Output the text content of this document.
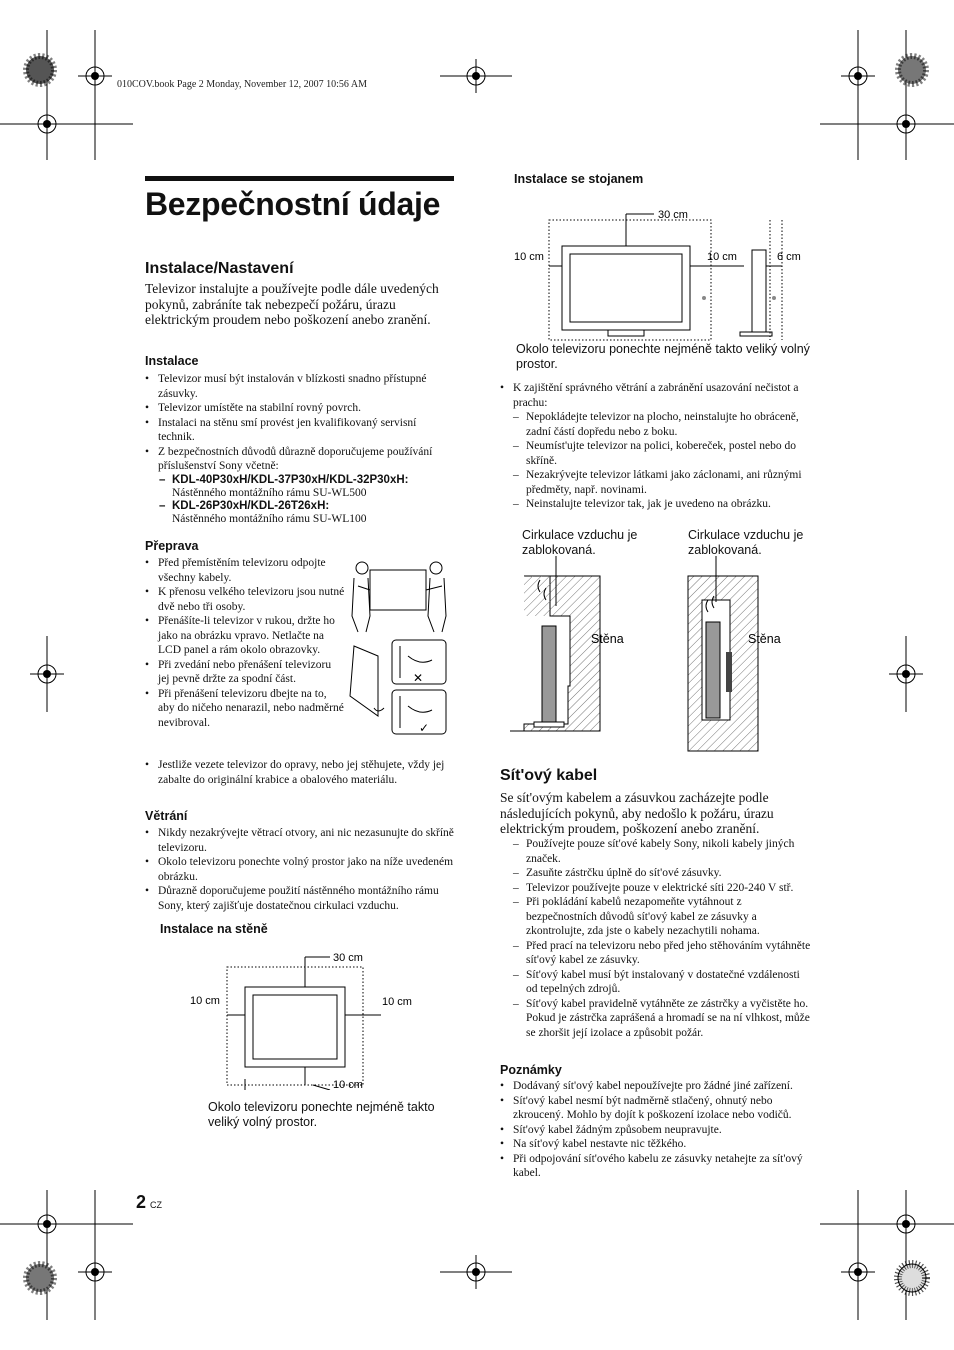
010COV.book Page 2 Monday, November 12, 2007 10:56 AM
Bezpečnostní údaje
Instalace/Nastavení
Televizor instalujte a používejte podle dále uvedených pokynů, zabráníte tak nebezpečí požáru, úrazu elektrickým proudem nebo poškození anebo zranění.
Instalace
• Televizor musí být instalován v blízkosti snadno přístupné zásuvky.
• Televizor umístěte na stabilní rovný povrch.
• Instalaci na stěnu smí provést jen kvalifikovaný servisní technik.
• Z bezpečnostních důvodů důrazně doporučujeme používání příslušenství Sony včetně:
– KDL-40P30xH/KDL-37P30xH/KDL-32P30xH:
Nástěnného montážního rámu SU-WL500
– KDL-26P30xH/KDL-26T26xH:
Nástěnného montážního rámu SU-WL100
Přeprava
• Před přemístěním televizoru odpojte všechny kabely.
• K přenosu velkého televizoru jsou nutné dvě nebo tři osoby.
• Přenášíte-li televizor v rukou, držte ho jako na obrázku vpravo. Netlačte na LCD panel a rám okolo obrazovky.
• Při zvedání nebo přenášení televizoru jej pevně držte za spodní část.
• Při přenášení televizoru dbejte na to, aby do ničeho nenarazil, nebo nadměrné nevibroval.
• Jestliže vezete televizor do opravy, nebo jej stěhujete, vždy jej zabalte do originální krabice a obalového materiálu.
✕
✓
Větrání
• Nikdy nezakrývejte větrací otvory, ani nic nezasunujte do skříně televizoru.
• Okolo televizoru ponechte volný prostor jako na níže uvedeném obrázku.
• Důrazně doporučujeme použití nástěnného montážního rámu Sony, který zajišťuje dostatečnou cirkulaci vzduchu.
Instalace na stěně
30 cm
10 cm	10 cm
10 cm
Okolo televizoru ponechte nejméně takto veliký volný prostor.
Instalace se stojanem
30 cm
10 cm	10 cm	6 cm
Okolo televizoru ponechte nejméně takto veliký volný prostor.
• K zajištění správného větrání a zabránění usazování nečistot a prachu:
– Nepokládejte televizor na plocho, neinstalujte ho obráceně, zadní částí dopředu nebo z boku.
– Neumíst'ujte televizor na polici, kobereček, postel nebo do skříně.
– Nezakrývejte televizor látkami jako záclonami, ani různými předměty, např. novinami.
– Neinstalujte televizor tak, jak je uvedeno na obrázku.
Cirkulace vzduchu je zablokovaná.
Cirkulace vzduchu je zablokovaná.
Stěna	Stěna
Sít'ový kabel
Se sít'ovým kabelem a zásuvkou zacházejte podle následujících pokynů, aby nedošlo k požáru, úrazu elektrickým proudem, poškození anebo zranění.
– Používejte pouze sít'ové kabely Sony, nikoli kabely jiných značek.
– Zasuňte zástrčku úplně do sít'ové zásuvky.
– Televizor používejte pouze v elektrické síti 220-240 V stř.
– Při pokládání kabelů nezapomeňte vytáhnout z bezpečnostních důvodů sít'ový kabel ze zásuvky a zkontrolujte, zda jste o kabely nezachytili nohama.
– Před prací na televizoru nebo před jeho stěhováním vytáhněte sít'ový kabel ze zásuvky.
– Sít'ový kabel musí být instalovaný v dostatečné vzdálenosti od tepelných zdrojů.
– Sít'ový kabel pravidelně vytáhněte ze zástrčky a vyčistěte ho. Pokud je zástrčka zaprášená a hromadí se na ní vlhkost, může se zhoršit její izolace a způsobit požár.
Poznámky
• Dodávaný sít'ový kabel nepoužívejte pro žádné jiné zařízení.
• Sít'ový kabel nesmí být nadměrně stlačený, ohnutý nebo zkroucený. Mohlo by dojít k poškození izolace nebo vodičů.
• Sít'ový kabel žádným způsobem neupravujte.
• Na sít'ový kabel nestavte nic těžkého.
• Při odpojování sít'ového kabelu ze zásuvky netahejte za sít'ový kabel.
2 CZ
